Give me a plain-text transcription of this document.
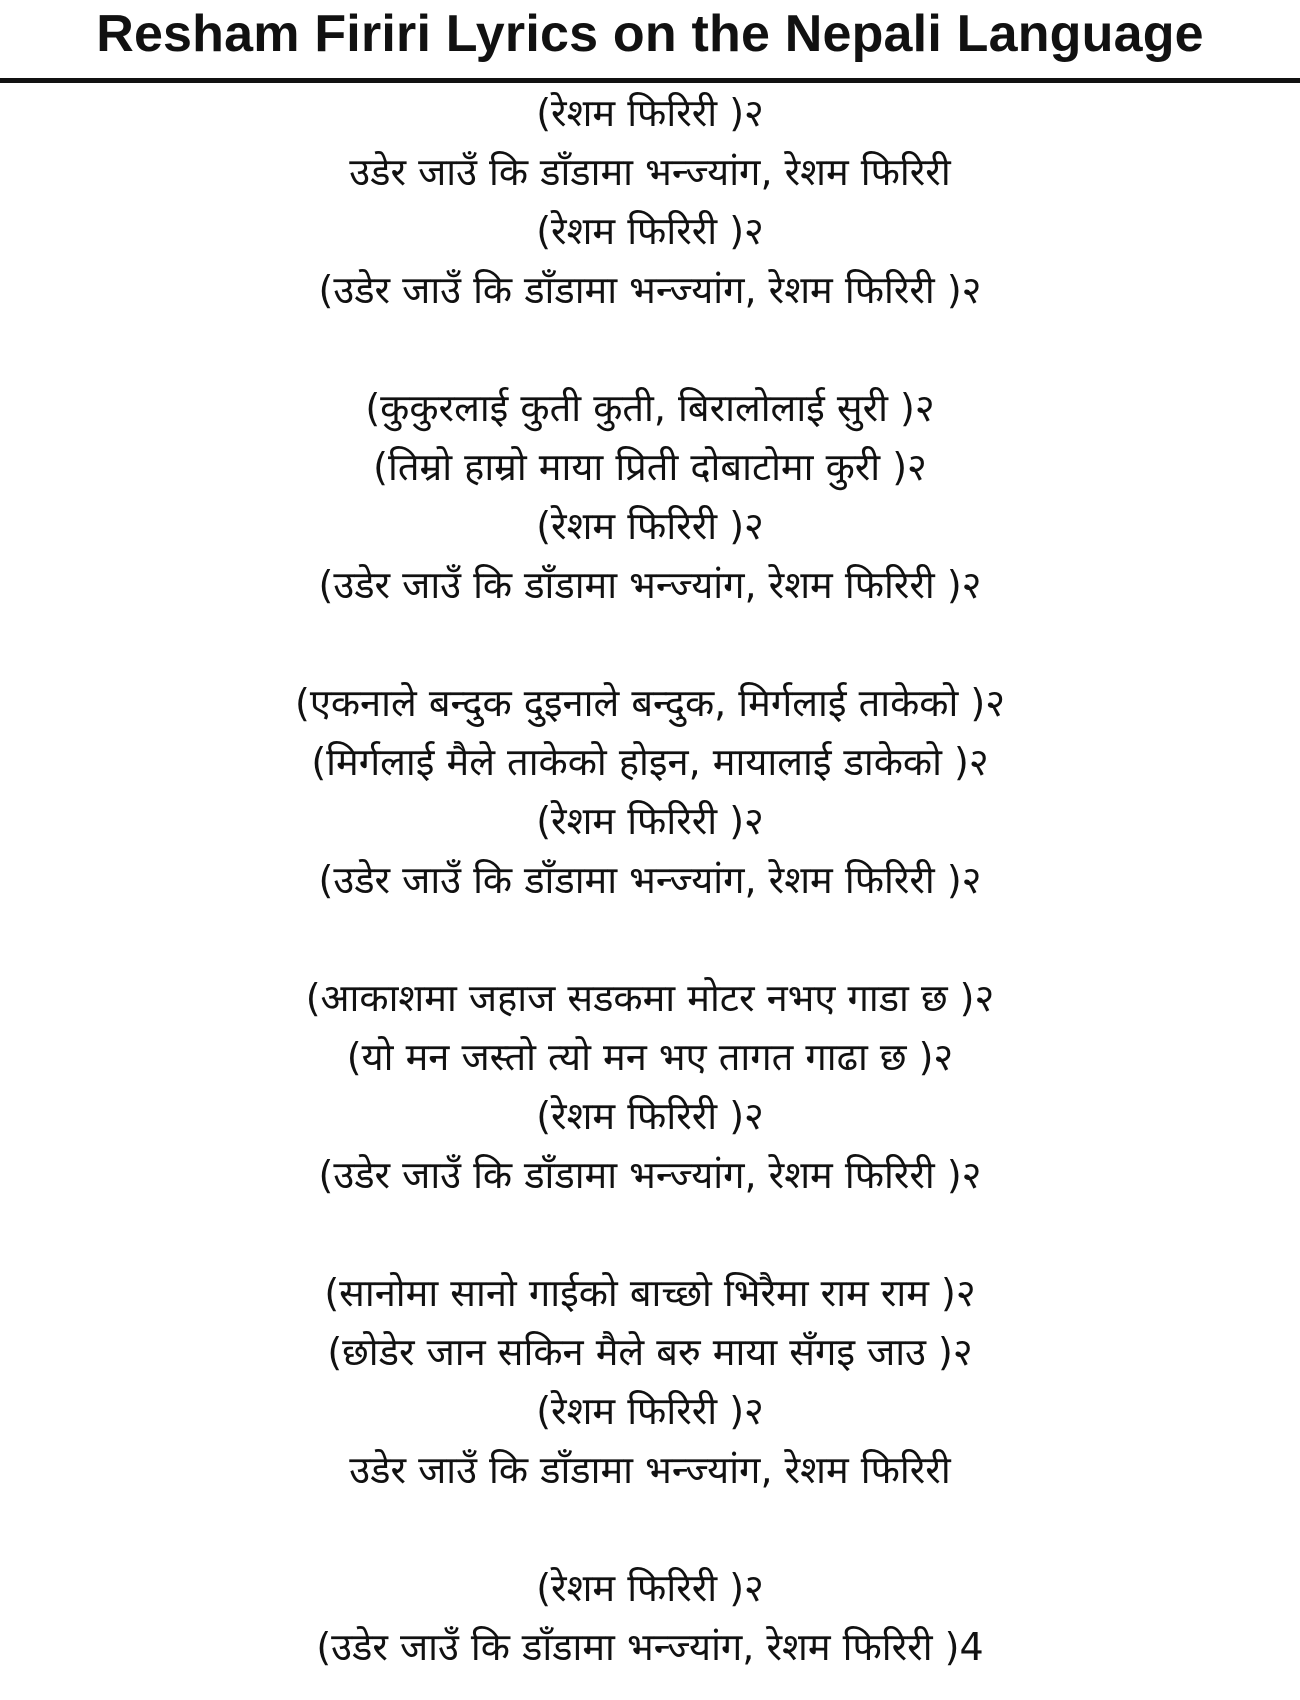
Resham Firiri Lyrics on the Nepali Language
(रेशम फिरिरी )२
उडेर जाउँ कि डाँडामा भन्ज्यांग, रेशम फिरिरी
(रेशम फिरिरी )२
(उडेर जाउँ कि डाँडामा भन्ज्यांग, रेशम फिरिरी )२
(कुकुरलाई कुती कुती, बिरालोलाई सुरी )२
(तिम्रो हाम्रो माया प्रिती दोबाटोमा कुरी )२
(रेशम फिरिरी )२
(उडेर जाउँ कि डाँडामा भन्ज्यांग, रेशम फिरिरी )२
(एकनाले बन्दुक दुइनाले बन्दुक, मिर्गलाई ताकेको )२
(मिर्गलाई मैले ताकेको होइन, मायालाई डाकेको )२
(रेशम फिरिरी )२
(उडेर जाउँ कि डाँडामा भन्ज्यांग, रेशम फिरिरी )२
(आकाशमा जहाज सडकमा मोटर नभए गाडा छ )२
(यो मन जस्तो त्यो मन भए तागत गाढा छ )२
(रेशम फिरिरी )२
(उडेर जाउँ कि डाँडामा भन्ज्यांग, रेशम फिरिरी )२
(सानोमा सानो गाईको बाच्छो भिरैमा राम राम )२
(छोडेर जान सकिन मैले बरु माया सँगइ जाउ )२
(रेशम फिरिरी )२
उडेर जाउँ कि डाँडामा भन्ज्यांग, रेशम फिरिरी
(रेशम फिरिरी )२
(उडेर जाउँ कि डाँडामा भन्ज्यांग, रेशम फिरिरी )4
